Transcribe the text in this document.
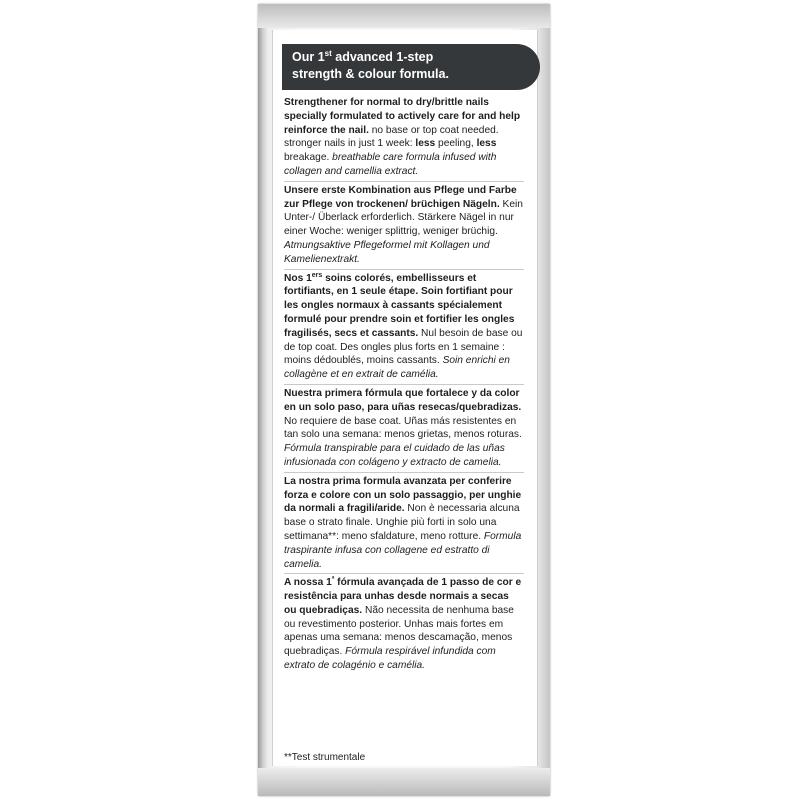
Our 1st advanced 1-step
strength & colour formula.
Strengthener for normal to dry/brittle nails specially formulated to actively care for and help reinforce the nail. no base or top coat needed. stronger nails in just 1 week: less peeling, less breakage. breathable care formula infused with collagen and camellia extract.
Unsere erste Kombination aus Pflege und Farbe zur Pflege von trockenen/ brüchigen Nägeln. Kein Unter-/ Überlack erforderlich. Stärkere Nägel in nur einer Woche: weniger splittrig, weniger brüchig. Atmungsaktive Pflegeformel mit Kollagen und Kamelienextrakt.
Nos 1ers soins colorés, embellisseurs et fortifiants, en 1 seule étape. Soin fortifiant pour les ongles normaux à cassants spécialement formulé pour prendre soin et fortifier les ongles fragilisés, secs et cassants. Nul besoin de base ou de top coat. Des ongles plus forts en 1 semaine : moins dédoublés, moins cassants. Soin enrichi en collagène et en extrait de camélia.
Nuestra primera fórmula que fortalece y da color en un solo paso, para uñas resecas/quebradizas. No requiere de base coat. Uñas más resistentes en tan solo una semana: menos grietas, menos roturas. Fórmula transpirable para el cuidado de las uñas infusionada con colágeno y extracto de camelia.
La nostra prima formula avanzata per conferire forza e colore con un solo passaggio, per unghie da normali a fragili/aride. Non è necessaria alcuna base o strato finale. Unghie più forti in solo una settimana**: meno sfaldature, meno rotture. Formula traspirante infusa con collagene ed estratto di camelia.
A nossa $1^ª$ fórmula avançada de 1 passo de cor e resistência para unhas desde normais a secas ou quebradiças. Não necessita de nenhuma base ou revestimento posterior. Unhas mais fortes em apenas uma semana: menos descamação, menos quebradiças. Fórmula respirável infundida com extrato de colagénio e camélia.
**Test strumentale
